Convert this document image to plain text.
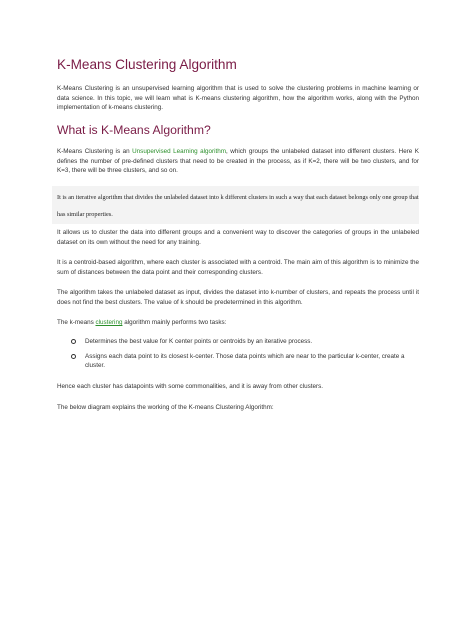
K-Means Clustering Algorithm

K-Means Clustering is an unsupervised learning algorithm that is used to solve the clustering problems in machine learning or data science. In this topic, we will learn what is K-means clustering algorithm, how the algorithm works, along with the Python implementation of k-means clustering.

What is K-Means Algorithm?

K-Means Clustering is an Unsupervised Learning algorithm, which groups the unlabeled dataset into different clusters. Here K defines the number of pre-defined clusters that need to be created in the process, as if K=2, there will be two clusters, and for K=3, there will be three clusters, and so on.

It is an iterative algorithm that divides the unlabeled dataset into k different clusters in such a way that each dataset belongs only one group that has similar properties.

It allows us to cluster the data into different groups and a convenient way to discover the categories of groups in the unlabeled dataset on its own without the need for any training.

It is a centroid-based algorithm, where each cluster is associated with a centroid. The main aim of this algorithm is to minimize the sum of distances between the data point and their corresponding clusters.

The algorithm takes the unlabeled dataset as input, divides the dataset into k-number of clusters, and repeats the process until it does not find the best clusters. The value of k should be predetermined in this algorithm.

The k-means clustering algorithm mainly performs two tasks:

Determines the best value for K center points or centroids by an iterative process.
Assigns each data point to its closest k-center. Those data points which are near to the particular k-center, create a cluster.

Hence each cluster has datapoints with some commonalities, and it is away from other clusters.

The below diagram explains the working of the K-means Clustering Algorithm:
